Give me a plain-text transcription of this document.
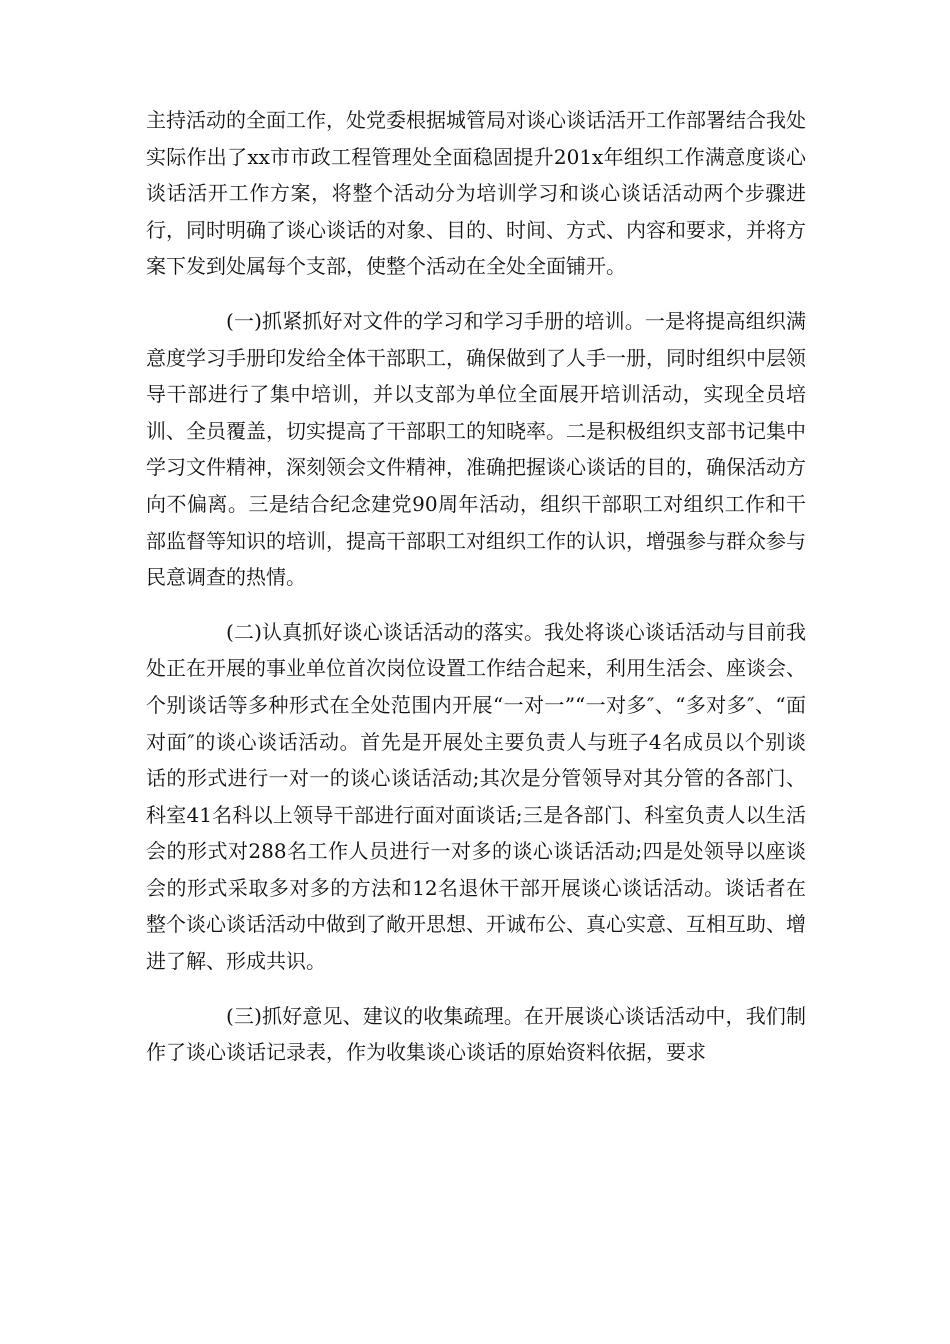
主持活动的全面工作，处党委根据城管局对谈心谈话活开工作部署结合我处实际作出了xx市市政工程管理处全面稳固提升201x年组织工作满意度谈心谈话活开工作方案，将整个活动分为培训学习和谈心谈话活动两个步骤进行，同时明确了谈心谈话的对象、目的、时间、方式、内容和要求，并将方案下发到处属每个支部，使整个活动在全处全面铺开。

(一)抓紧抓好对文件的学习和学习手册的培训。一是将提高组织满意度学习手册印发给全体干部职工，确保做到了人手一册，同时组织中层领导干部进行了集中培训，并以支部为单位全面展开培训活动，实现全员培训、全员覆盖，切实提高了干部职工的知晓率。二是积极组织支部书记集中学习文件精神，深刻领会文件精神，准确把握谈心谈话的目的，确保活动方向不偏离。三是结合纪念建党90周年活动，组织干部职工对组织工作和干部监督等知识的培训，提高干部职工对组织工作的认识，增强参与群众参与民意调查的热情。

(二)认真抓好谈心谈话活动的落实。我处将谈心谈话活动与目前我处正在开展的事业单位首次岗位设置工作结合起来，利用生活会、座谈会、个别谈话等多种形式在全处范围内开展“一对一”“一对多″、“多对多″、“面对面″的谈心谈话活动。首先是开展处主要负责人与班子4名成员以个别谈话的形式进行一对一的谈心谈话活动;其次是分管领导对其分管的各部门、科室41名科以上领导干部进行面对面谈话;三是各部门、科室负责人以生活会的形式对288名工作人员进行一对多的谈心谈话活动;四是处领导以座谈会的形式采取多对多的方法和12名退休干部开展谈心谈话活动。谈话者在整个谈心谈话活动中做到了敞开思想、开诚布公、真心实意、互相互助、增进了解、形成共识。

(三)抓好意见、建议的收集疏理。在开展谈心谈话活动中，我们制作了谈心谈话记录表，作为收集谈心谈话的原始资料依据，要求
